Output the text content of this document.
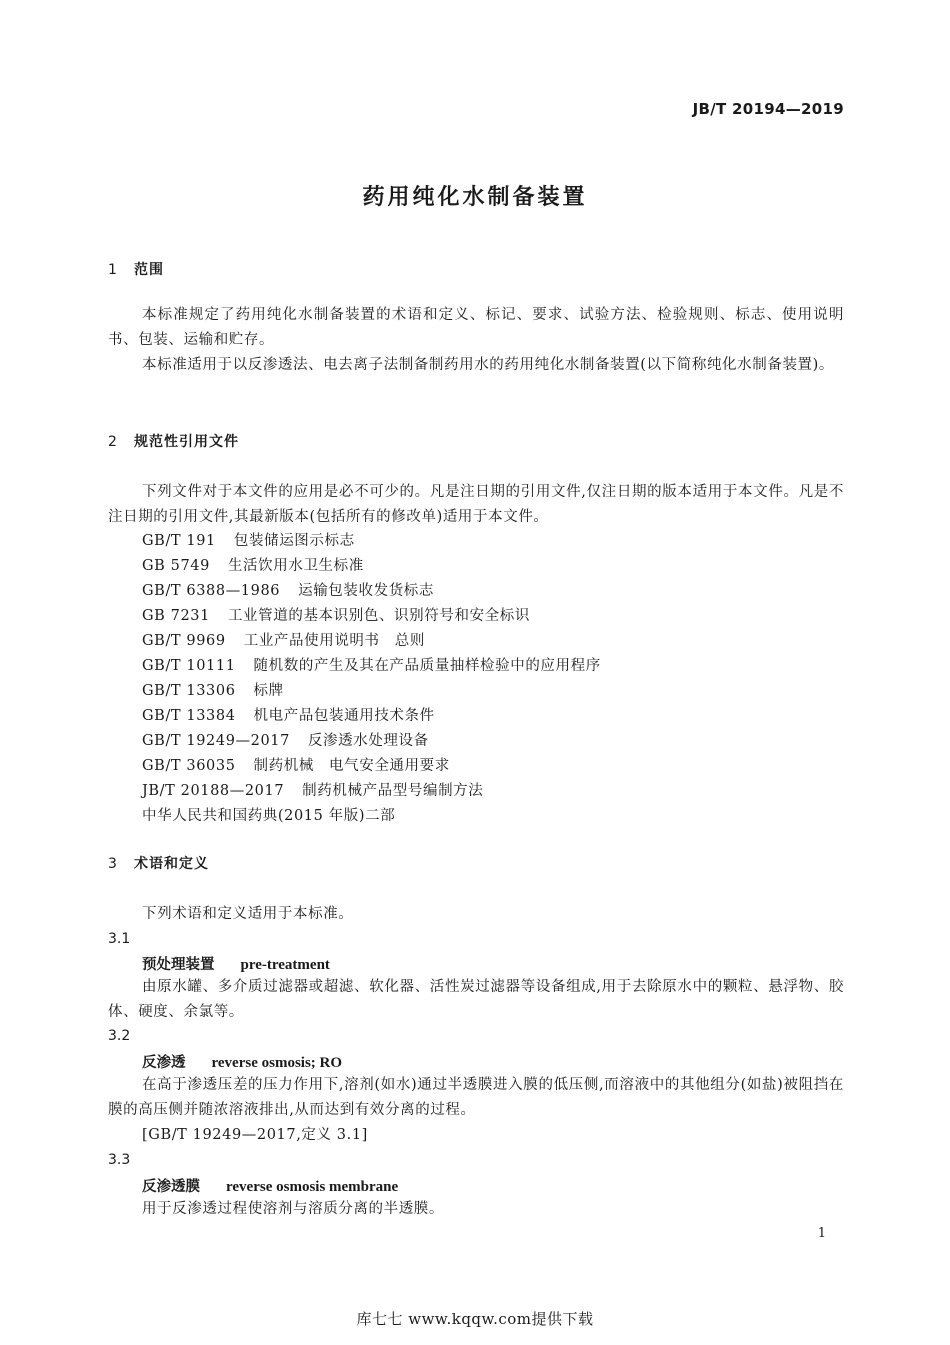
JB/T 20194—2019
药用纯化水制备装置
1 范围

本标准规定了药用纯化水制备装置的术语和定义、标记、要求、试验方法、检验规则、标志、使用说明书、包装、运输和贮存。

本标准适用于以反渗透法、电去离子法制备制药用水的药用纯化水制备装置(以下简称纯化水制备装置)。

2 规范性引用文件

下列文件对于本文件的应用是必不可少的。凡是注日期的引用文件,仅注日期的版本适用于本文件。凡是不注日期的引用文件,其最新版本(包括所有的修改单)适用于本文件。

GB/T 191 包装储运图示标志

GB 5749 生活饮用水卫生标准

GB/T 6388—1986 运输包装收发货标志

GB 7231 工业管道的基本识别色、识别符号和安全标识

GB/T 9969 工业产品使用说明书　总则

GB/T 10111 随机数的产生及其在产品质量抽样检验中的应用程序

GB/T 13306 标牌

GB/T 13384 机电产品包装通用技术条件

GB/T 19249—2017 反渗透水处理设备

GB/T 36035 制药机械　电气安全通用要求

JB/T 20188—2017 制药机械产品型号编制方法

中华人民共和国药典(2015 年版)二部

3 术语和定义

下列术语和定义适用于本标准。

3.1
预处理装置 pre-treatment

由原水罐、多介质过滤器或超滤、软化器、活性炭过滤器等设备组成,用于去除原水中的颗粒、悬浮物、胶体、硬度、余氯等。

3.2
反渗透 reverse osmosis; RO

在高于渗透压差的压力作用下,溶剂(如水)通过半透膜进入膜的低压侧,而溶液中的其他组分(如盐)被阻挡在膜的高压侧并随浓溶液排出,从而达到有效分离的过程。

[GB/T 19249—2017,定义 3.1]

3.3
反渗透膜 reverse osmosis membrane

用于反渗透过程使溶剂与溶质分离的半透膜。

1
库七七 www.kqqw.com提供下载
